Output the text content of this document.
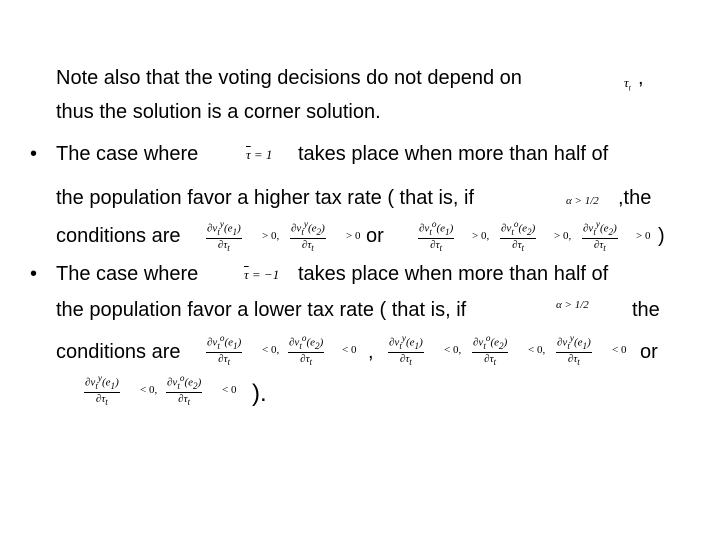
Note also that the voting decisions do not depend on	$\tau_t$ ,
thus the solution is a corner solution.
• The case where	$\overline{\tau} = 1$ takes place when more than half of
the population favor a higher tax rate ( that is, if	α > 1/2 ,the
conditions are $\partial v_t^y(e_1)$
$\partial\tau_t$
> 0,
$\partial v_t^y(e_2)$
$\partial\tau_t$
> 0 or	$\partial v_t^o(e_1)$
$\partial\tau_t$
> 0,
$\partial v_t^o(e_2)$
$\partial\tau_t$
> 0,
$\partial v_t^y(e_2)$
$\partial\tau_t$
> 0 )
• The case where	$\overline{\tau} = -1$ takes place when more than half of
the population favor a lower tax rate ( that is, if	α > 1/2 the
conditions are $\partial v_t^o(e_1)$
$\partial\tau_t$
< 0,
$\partial v_t^o(e_2)$
$\partial\tau_t$
< 0 , $\partial v_t^y(e_1)$
$\partial\tau_t$
< 0,
$\partial v_t^o(e_2)$
$\partial\tau_t$
< 0,
$\partial v_t^y(e_1)$
$\partial\tau_t$
< 0 or
$\partial v_t^y(e_1)$
$\partial\tau_t$
< 0,
$\partial v_t^o(e_2)$
$\partial\tau_t$
< 0 ).
